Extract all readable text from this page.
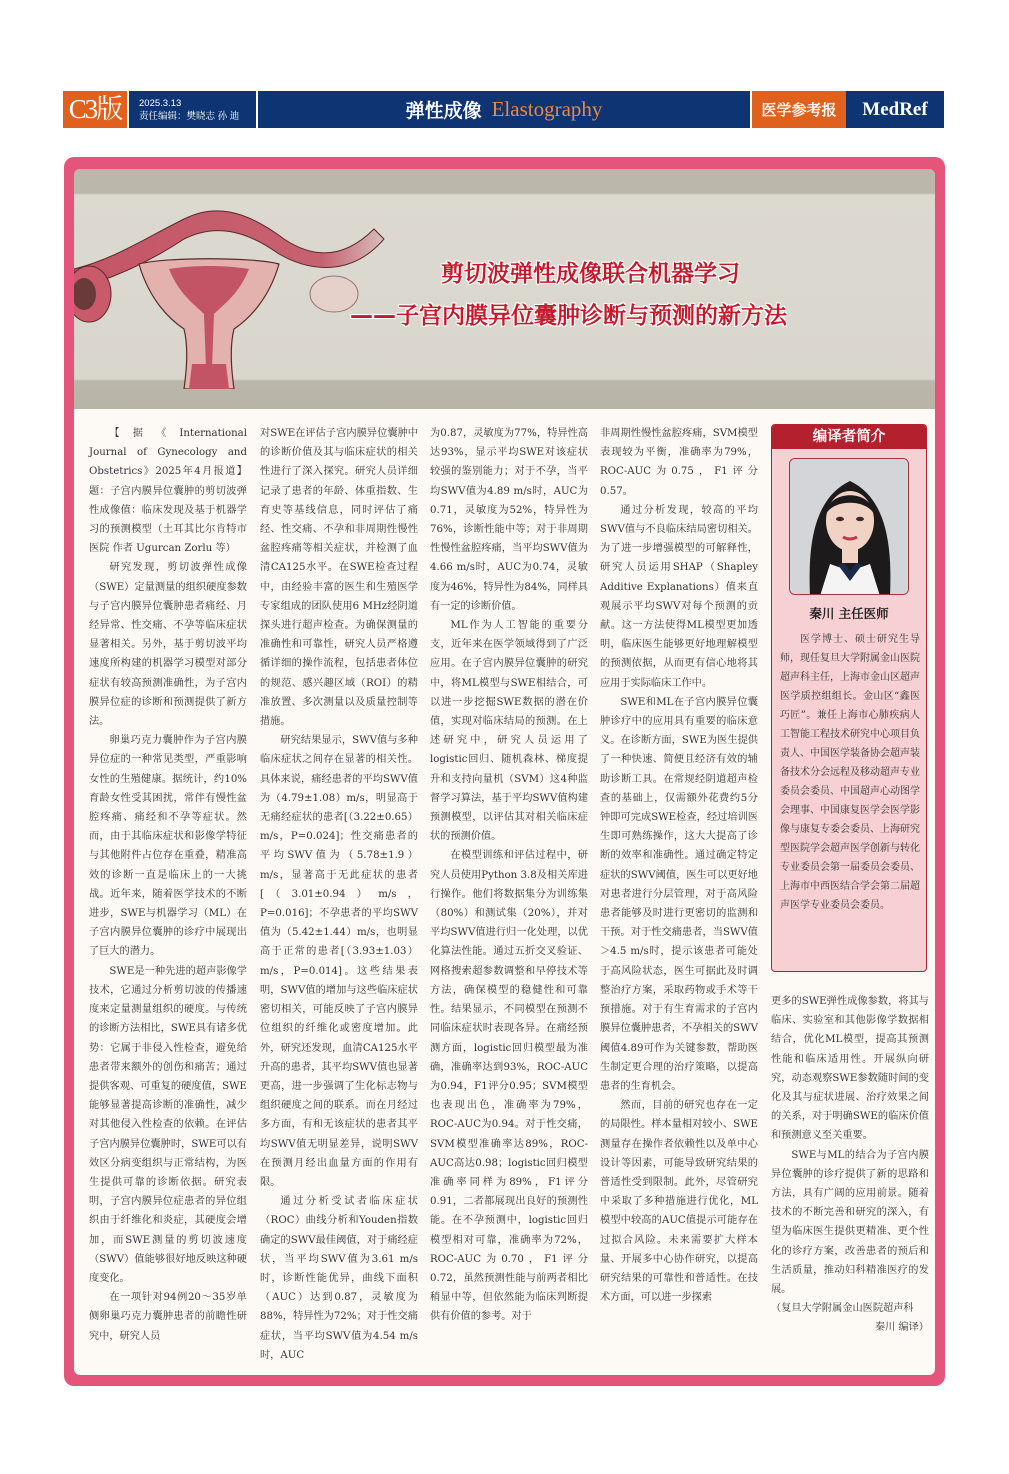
C3版	2025.3.13
责任编辑：樊晓志 孙 迪	弹性成像 Elastography	医学参考报	MedRef
剪切波弹性成像联合机器学习
——子宫内膜异位囊肿诊断与预测的新方法

【据《International Journal of Gynecology and Obstetrics》2025年4月报道】题：子宫内膜异位囊肿的剪切波弹性成像值：临床发现及基于机器学习的预测模型（土耳其比尔肯特市医院 作者 Ugurcan Zorlu 等）

研究发现，剪切波弹性成像（SWE）定量测量的组织硬度参数与子宫内膜异位囊肿患者痛经、月经异常、性交痛、不孕等临床症状显著相关。另外，基于剪切波平均速度所构建的机器学习模型对部分症状有较高预测准确性，为子宫内膜异位症的诊断和预测提供了新方法。

卵巢巧克力囊肿作为子宫内膜异位症的一种常见类型，严重影响女性的生殖健康。据统计，约10%育龄女性受其困扰，常伴有慢性盆腔疼痛、痛经和不孕等症状。然而，由于其临床症状和影像学特征与其他附件占位存在重叠，精准高效的诊断一直是临床上的一大挑战。近年来，随着医学技术的不断进步，SWE与机器学习（ML）在子宫内膜异位囊肿的诊疗中展现出了巨大的潜力。

SWE是一种先进的超声影像学技术，它通过分析剪切波的传播速度来定量测量组织的硬度。与传统的诊断方法相比，SWE具有诸多优势：它属于非侵入性检查，避免给患者带来额外的创伤和痛苦；通过提供客观、可重复的硬度值，SWE能够显著提高诊断的准确性，减少对其他侵入性检查的依赖。在评估子宫内膜异位囊肿时，SWE可以有效区分病变组织与正常结构，为医生提供可靠的诊断依据。研究表明，子宫内膜异位症患者的异位组织由于纤维化和炎症，其硬度会增加，而SWE测量的剪切波速度（SWV）值能够很好地反映这种硬度变化。

在一项针对94例20～35岁单侧卵巢巧克力囊肿患者的前瞻性研究中，研究人员

对SWE在评估子宫内膜异位囊肿中的诊断价值及其与临床症状的相关性进行了深入探究。研究人员详细记录了患者的年龄、体重指数、生育史等基线信息，同时评估了痛经、性交痛、不孕和非周期性慢性盆腔疼痛等相关症状，并检测了血清CA125水平。在SWE检查过程中，由经验丰富的医生和生殖医学专家组成的团队使用6 MHz经阴道探头进行超声检查。为确保测量的准确性和可靠性，研究人员严格遵循详细的操作流程，包括患者体位的规范、感兴趣区域（ROI）的精准放置、多次测量以及质量控制等措施。

研究结果显示，SWV值与多种临床症状之间存在显著的相关性。具体来说，痛经患者的平均SWV值为（4.79±1.08）m/s，明显高于无痛经症状的患者[（3.22±0.65）m/s，P=0.024]；性交痛患者的平均SWV值为（5.78±1.9）m/s，显著高于无此症状的患者[（3.01±0.94）m/s，P=0.016]；不孕患者的平均SWV值为（5.42±1.44）m/s，也明显高于正常的患者[（3.93±1.03）m/s，P=0.014]。这些结果表明，SWV值的增加与这些临床症状密切相关，可能反映了子宫内膜异位组织的纤维化或密度增加。此外，研究还发现，血清CA125水平升高的患者，其平均SWV值也显著更高，进一步强调了生化标志物与组织硬度之间的联系。而在月经过多方面，有和无该症状的患者其平均SWV值无明显差异，说明SWV在预测月经出血量方面的作用有限。

通过分析受试者临床症状（ROC）曲线分析和Youden指数确定的SWV最佳阈值，对于痛经症状，当平均SWV值为3.61 m/s时，诊断性能优异，曲线下面积（AUC）达到0.87，灵敏度为88%，特异性为72%；对于性交痛症状，当平均SWV值为4.54 m/s时，AUC

为0.87，灵敏度为77%，特异性高达93%，显示平均SWE对该症状较强的鉴别能力；对于不孕，当平均SWV值为4.89 m/s时，AUC为0.71，灵敏度为52%，特异性为76%，诊断性能中等；对于非周期性慢性盆腔疼痛，当平均SWV值为4.66 m/s时，AUC为0.74，灵敏度为46%，特异性为84%，同样具有一定的诊断价值。

ML作为人工智能的重要分支，近年来在医学领域得到了广泛应用。在子宫内膜异位囊肿的研究中，将ML模型与SWE相结合，可以进一步挖掘SWE数据的潜在价值，实现对临床结局的预测。在上述研究中，研究人员运用了logistic回归、随机森林、梯度提升和支持向量机（SVM）这4种监督学习算法，基于平均SWV值构建预测模型，以评估其对相关临床症状的预测价值。

在模型训练和评估过程中，研究人员使用Python 3.8及相关库进行操作。他们将数据集分为训练集（80%）和测试集（20%），并对平均SWV值进行归一化处理，以优化算法性能。通过五折交叉验证、网格搜索超参数调整和早停技术等方法，确保模型的稳健性和可靠性。结果显示，不同模型在预测不同临床症状时表现各异。在痛经预测方面，logistic回归模型最为准确，准确率达到93%，ROC-AUC为0.94，F1评分0.95；SVM模型也表现出色，准确率为79%，ROC-AUC为0.94。对于性交痛，SVM模型准确率达89%，ROC-AUC高达0.98；logistic回归模型准确率同样为89%，F1评分0.91，二者都展现出良好的预测性能。在不孕预测中，logistic回归模型相对可靠，准确率为72%，ROC-AUC为0.70，F1评分0.72，虽然预测性能与前两者相比稍显中等，但依然能为临床判断提供有价值的参考。对于

非周期性慢性盆腔疼痛，SVM模型表现较为平衡，准确率为79%，ROC-AUC为0.75，F1评分0.57。

通过分析发现，较高的平均SWV值与不良临床结局密切相关。为了进一步增强模型的可解释性，研究人员运用SHAP（Shapley Additive Explanations）值来直观展示平均SWV对每个预测的贡献。这一方法使得ML模型更加透明，临床医生能够更好地理解模型的预测依据，从而更有信心地将其应用于实际临床工作中。

SWE和ML在子宫内膜异位囊肿诊疗中的应用具有重要的临床意义。在诊断方面，SWE为医生提供了一种快速、简便且经济有效的辅助诊断工具。在常规经阴道超声检查的基础上，仅需额外花费约5分钟即可完成SWE检查，经过培训医生即可熟练操作，这大大提高了诊断的效率和准确性。通过确定特定症状的SWV阈值，医生可以更好地对患者进行分层管理，对于高风险患者能够及时进行更密切的监测和干预。对于性交痛患者，当SWV值＞4.5 m/s时，提示该患者可能处于高风险状态，医生可据此及时调整治疗方案，采取药物或手术等干预措施。对于有生育需求的子宫内膜异位囊肿患者，不孕相关的SWV阈值4.89可作为关键参数，帮助医生制定更合理的治疗策略，以提高患者的生育机会。

然而，目前的研究也存在一定的局限性。样本量相对较小、SWE测量存在操作者依赖性以及单中心设计等因素，可能导致研究结果的普适性受到限制。此外，尽管研究中采取了多种措施进行优化，ML模型中较高的AUC值提示可能存在过拟合风险。未来需要扩大样本量、开展多中心协作研究，以提高研究结果的可靠性和普适性。在技术方面，可以进一步探索

编译者简介
秦川 主任医师
医学博士、硕士研究生导师，现任复旦大学附属金山医院超声科主任，上海市金山区超声医学质控组组长。金山区“鑫医巧匠”。兼任上海市心肺疾病人工智能工程技术研究中心项目负责人、中国医学装备协会超声装备技术分会远程及移动超声专业委员会委员、中国超声心动图学会理事、中国康复医学会医学影像与康复专委会委员、上海研究型医院学会超声医学创新与转化专业委员会第一届委员会委员、上海市中西医结合学会第二届超声医学专业委员会委员。

更多的SWE弹性成像参数，将其与临床、实验室和其他影像学数据相结合，优化ML模型，提高其预测性能和临床适用性。开展纵向研究，动态观察SWE参数随时间的变化及其与症状进展、治疗效果之间的关系，对于明确SWE的临床价值和预测意义至关重要。

SWE与ML的结合为子宫内膜异位囊肿的诊疗提供了新的思路和方法，具有广阔的应用前景。随着技术的不断完善和研究的深入，有望为临床医生提供更精准、更个性化的诊疗方案，改善患者的预后和生活质量，推动妇科精准医疗的发展。

（复旦大学附属金山医院超声科

秦川 编译）
